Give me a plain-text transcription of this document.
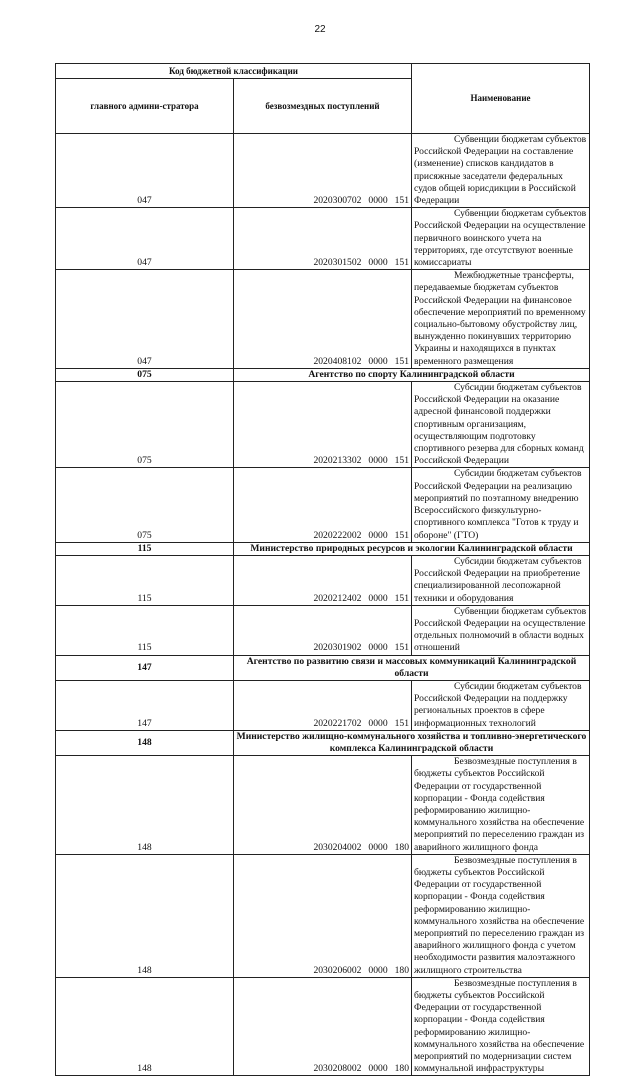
22
Код бюджетной классификации		Наименование
главного админи-стратора	безвозмездных поступлений	
047	2020300702 0000 151	Субвенции бюджетам субъектов Российской Федерации на составление (изменение) списков кандидатов в присяжные заседатели федеральных судов общей юрисдикции в Российской Федерации

047	2020301502 0000 151	Субвенции бюджетам субъектов Российской Федерации на осуществление первичного воинского учета на территориях, где отсутствуют военные комиссариаты

047	2020408102 0000 151	Межбюджетные трансферты, передаваемые бюджетам субъектов Российской Федерации на финансовое обеспечение мероприятий по временному социально-бытовому обустройству лиц, вынужденно покинувших территорию Украины и находящихся в пунктах временного размещения

075	Агентство по спорту Калининградской области	
075	2020213302 0000 151	Субсидии бюджетам субъектов Российской Федерации на оказание адресной финансовой поддержки спортивным организациям, осуществляющим подготовку спортивного резерва для сборных команд Российской Федерации

075	2020222002 0000 151	Субсидии бюджетам субъектов Российской Федерации на реализацию мероприятий по поэтапному внедрению Всероссийского физкультурно-спортивного комплекса "Готов к труду и обороне" (ГТО)

115	Министерство природных ресурсов и экологии Калининградской области	
115	2020212402 0000 151	Субсидии бюджетам субъектов Российской Федерации на приобретение специализированной лесопожарной техники и оборудования

115	2020301902 0000 151	Субвенции бюджетам субъектов Российской Федерации на осуществление отдельных полномочий в области водных отношений

147	Агентство по развитию связи и массовых коммуникаций Калининградской области	
147	2020221702 0000 151	Субсидии бюджетам субъектов Российской Федерации на поддержку региональных проектов в сфере информационных технологий

148	Министерство жилищно-коммунального хозяйства и топливно-энергетического комплекса Калининградской области	
148	2030204002 0000 180	Безвозмездные поступления в бюджеты субъектов Российской Федерации от государственной корпорации - Фонда содействия реформированию жилищно-коммунального хозяйства на обеспечение мероприятий по переселению граждан из аварийного жилищного фонда

148	2030206002 0000 180	Безвозмездные поступления в бюджеты субъектов Российской Федерации от государственной корпорации - Фонда содействия реформированию жилищно-коммунального хозяйства на обеспечение мероприятий по переселению граждан из аварийного жилищного фонда с учетом необходимости развития малоэтажного жилищного строительства

148	2030208002 0000 180	Безвозмездные поступления в бюджеты субъектов Российской Федерации от государственной корпорации - Фонда содействия реформированию жилищно-коммунального хозяйства на обеспечение мероприятий по модернизации систем коммунальной инфраструктуры
